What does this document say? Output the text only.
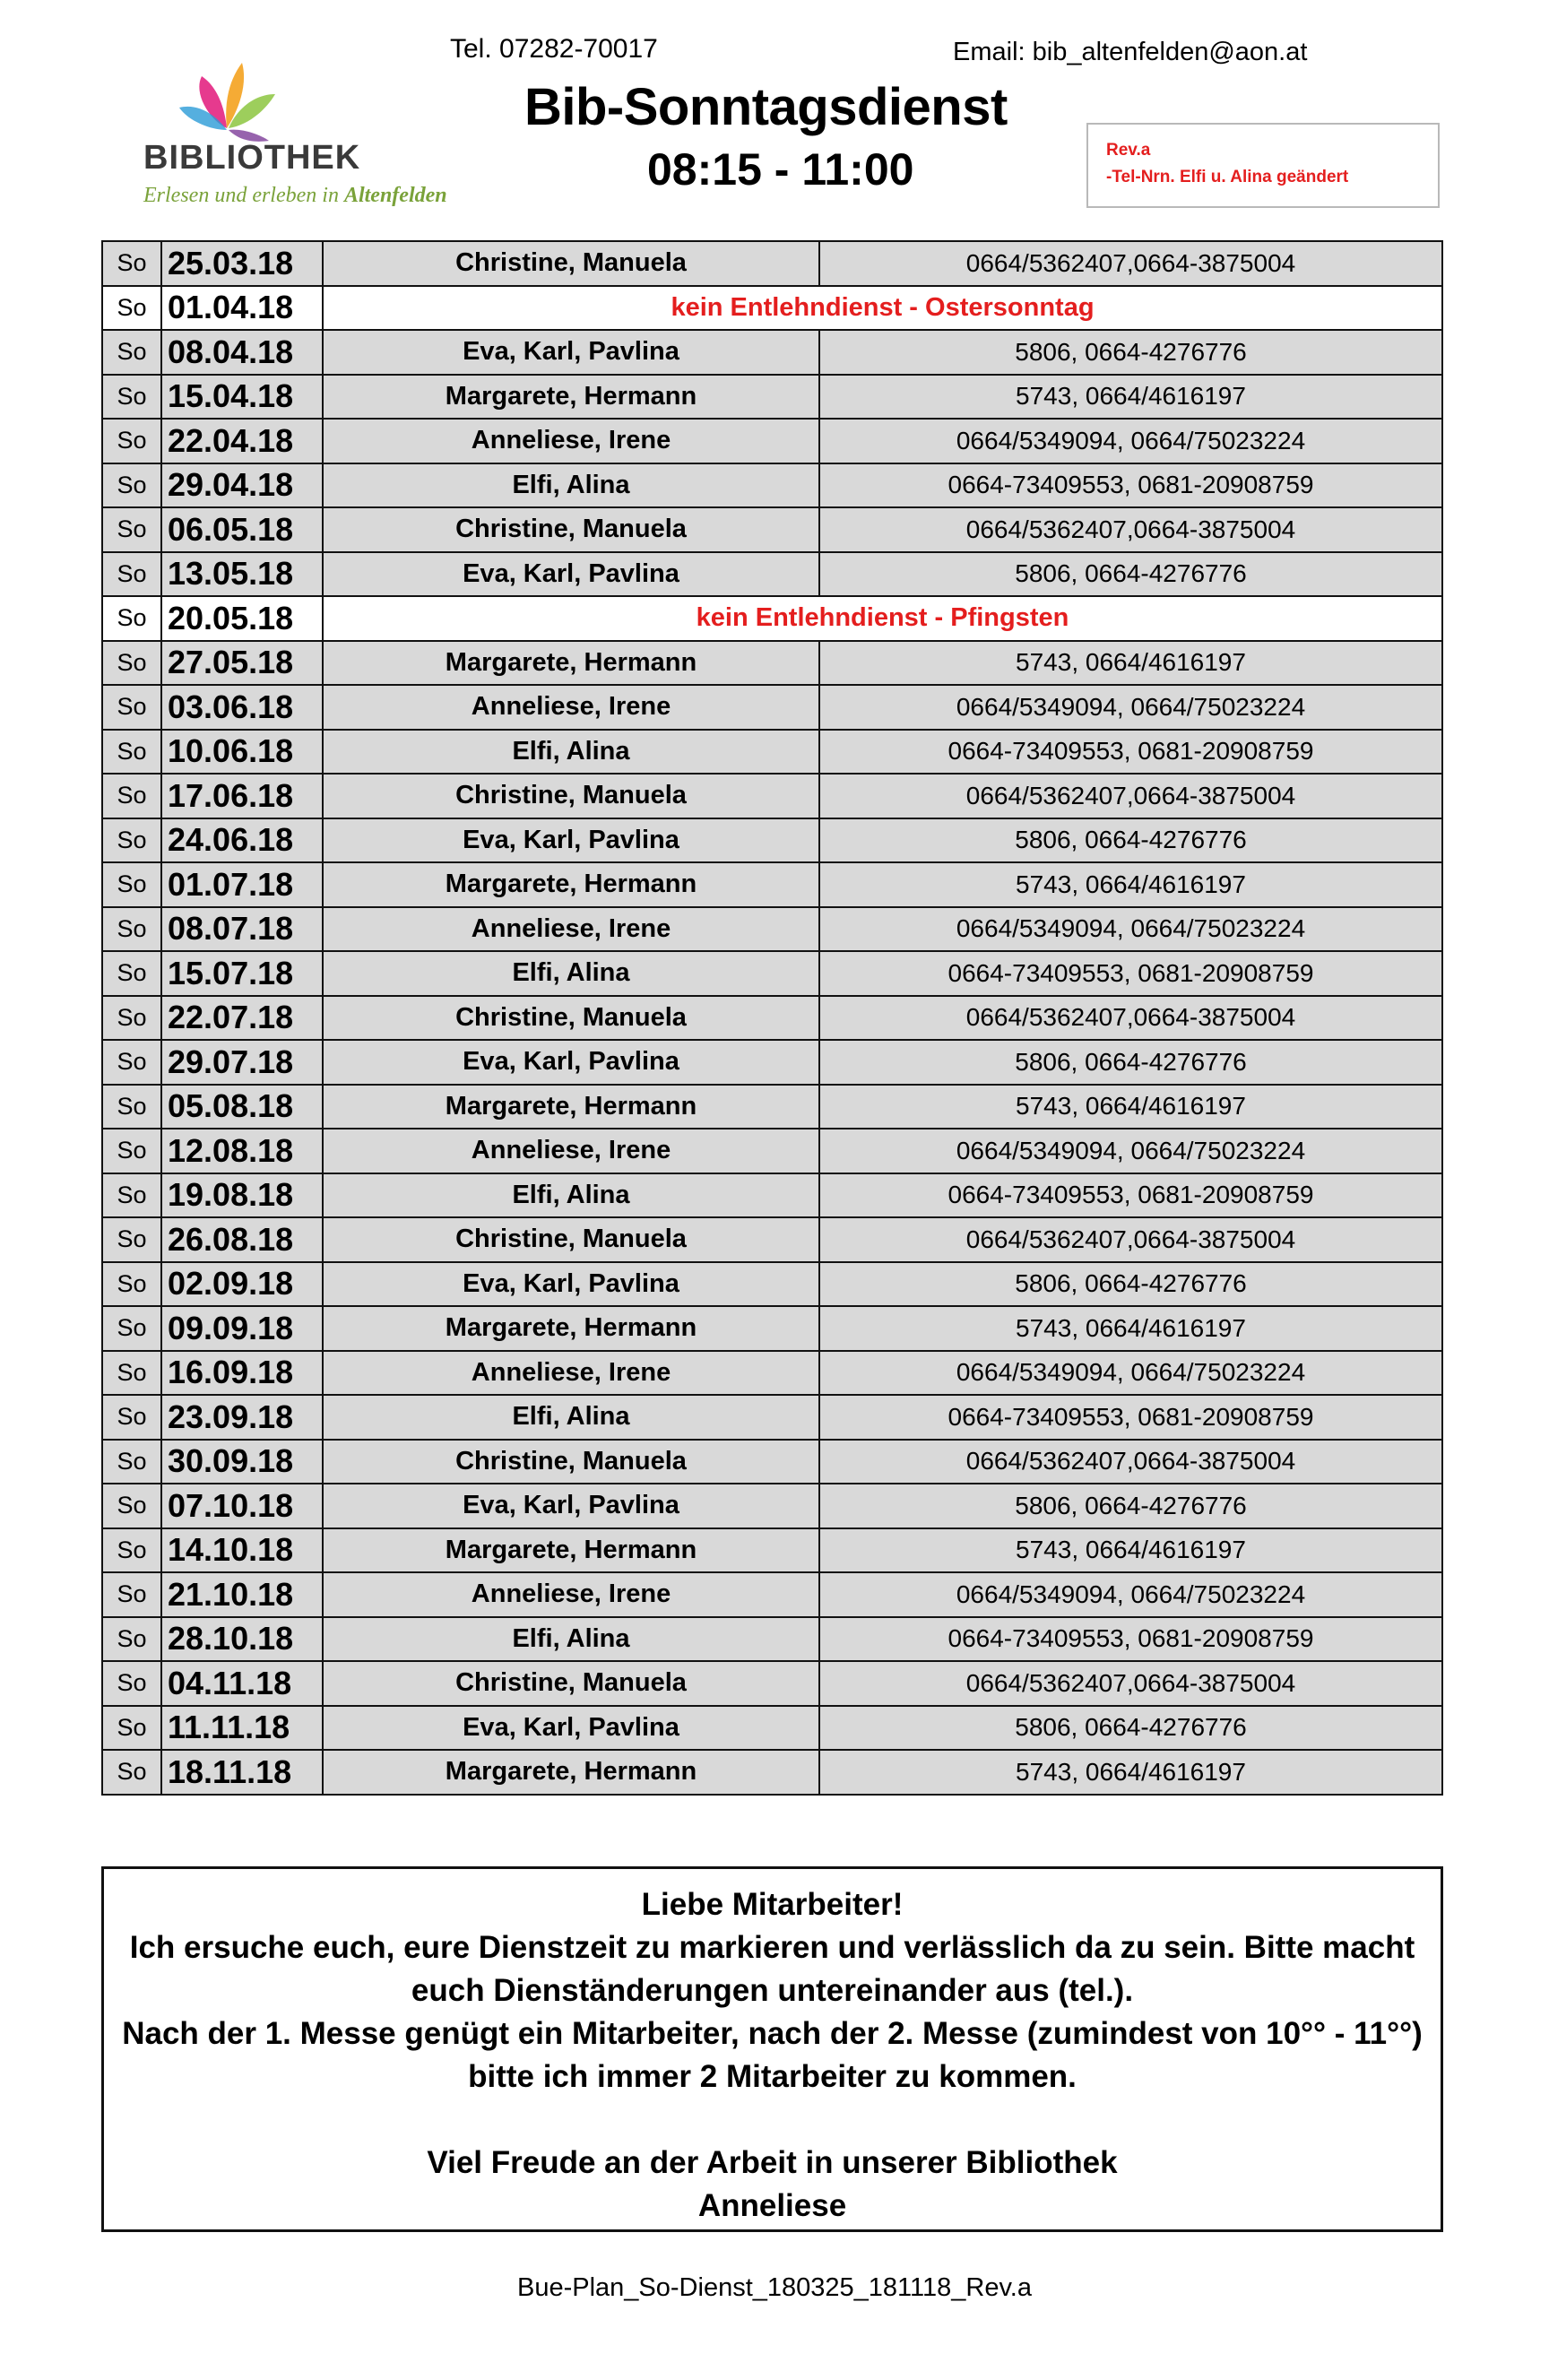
Tel. 07282-70017	Email: bib_altenfelden@aon.at
Bib-Sonntagsdienst
08:15 - 11:00
BIBLIOTHEK
Erlesen und erleben in Altenfelden
Rev.a
-Tel-Nrn. Elfi u. Alina geändert
So	25.03.18	Christine, Manuela	0664/5362407,0664-3875004
So	01.04.18	kein Entlehndienst - Ostersonntag	
So	08.04.18	Eva, Karl, Pavlina	5806, 0664-4276776
So	15.04.18	Margarete, Hermann	5743, 0664/4616197
So	22.04.18	Anneliese, Irene	0664/5349094, 0664/75023224
So	29.04.18	Elfi, Alina	0664-73409553, 0681-20908759
So	06.05.18	Christine, Manuela	0664/5362407,0664-3875004
So	13.05.18	Eva, Karl, Pavlina	5806, 0664-4276776
So	20.05.18	kein Entlehndienst - Pfingsten	
So	27.05.18	Margarete, Hermann	5743, 0664/4616197
So	03.06.18	Anneliese, Irene	0664/5349094, 0664/75023224
So	10.06.18	Elfi, Alina	0664-73409553, 0681-20908759
So	17.06.18	Christine, Manuela	0664/5362407,0664-3875004
So	24.06.18	Eva, Karl, Pavlina	5806, 0664-4276776
So	01.07.18	Margarete, Hermann	5743, 0664/4616197
So	08.07.18	Anneliese, Irene	0664/5349094, 0664/75023224
So	15.07.18	Elfi, Alina	0664-73409553, 0681-20908759
So	22.07.18	Christine, Manuela	0664/5362407,0664-3875004
So	29.07.18	Eva, Karl, Pavlina	5806, 0664-4276776
So	05.08.18	Margarete, Hermann	5743, 0664/4616197
So	12.08.18	Anneliese, Irene	0664/5349094, 0664/75023224
So	19.08.18	Elfi, Alina	0664-73409553, 0681-20908759
So	26.08.18	Christine, Manuela	0664/5362407,0664-3875004
So	02.09.18	Eva, Karl, Pavlina	5806, 0664-4276776
So	09.09.18	Margarete, Hermann	5743, 0664/4616197
So	16.09.18	Anneliese, Irene	0664/5349094, 0664/75023224
So	23.09.18	Elfi, Alina	0664-73409553, 0681-20908759
So	30.09.18	Christine, Manuela	0664/5362407,0664-3875004
So	07.10.18	Eva, Karl, Pavlina	5806, 0664-4276776
So	14.10.18	Margarete, Hermann	5743, 0664/4616197
So	21.10.18	Anneliese, Irene	0664/5349094, 0664/75023224
So	28.10.18	Elfi, Alina	0664-73409553, 0681-20908759
So	04.11.18	Christine, Manuela	0664/5362407,0664-3875004
So	11.11.18	Eva, Karl, Pavlina	5806, 0664-4276776
So	18.11.18	Margarete, Hermann	5743, 0664/4616197
Liebe Mitarbeiter!
Ich ersuche euch, eure Dienstzeit zu markieren und verlässlich da zu sein. Bitte macht
euch Dienständerungen untereinander aus (tel.).
Nach der 1. Messe genügt ein Mitarbeiter, nach der 2. Messe (zumindest von 10°° - 11°°)
bitte ich immer 2 Mitarbeiter zu kommen.
Viel Freude an der Arbeit in unserer Bibliothek
Anneliese
Bue-Plan_So-Dienst_180325_181118_Rev.a
